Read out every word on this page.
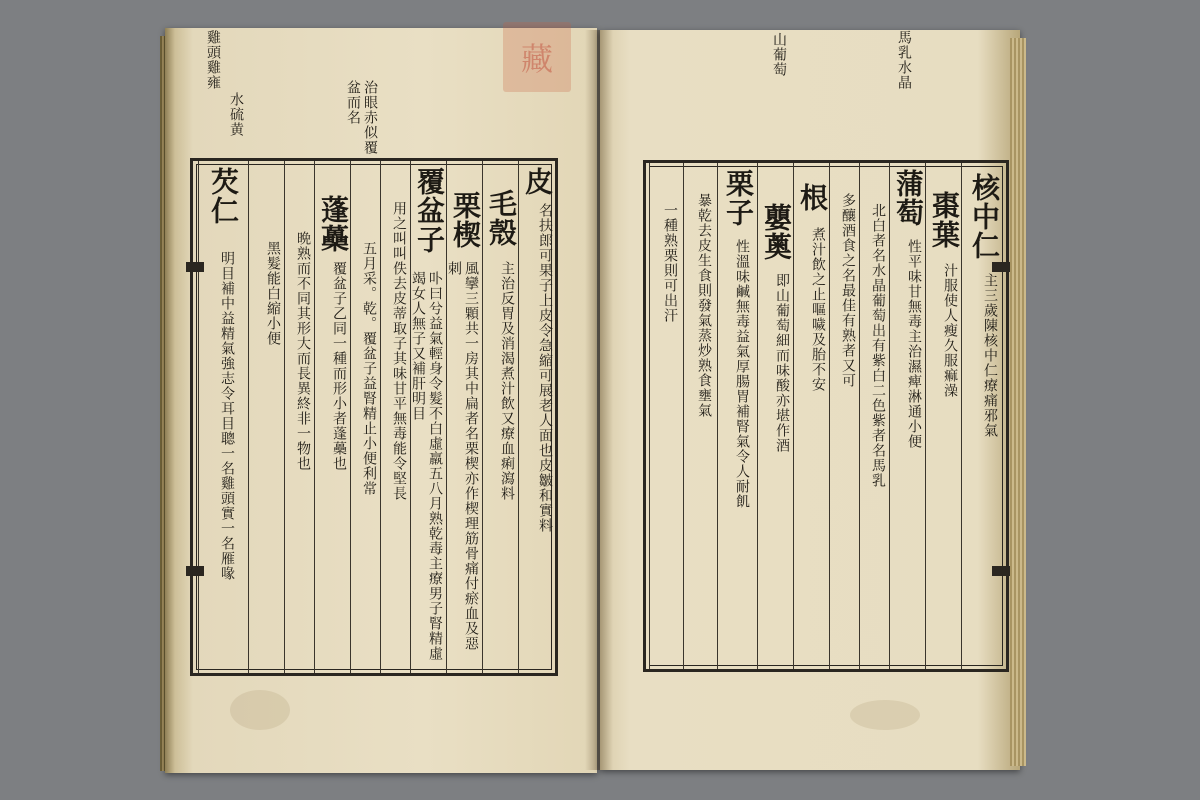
藏
雞頭雞雍
水硫黄	治眼赤似覆盆而名
皮
名扶郎可果子上皮令急縮可展老人面也皮皺和實料
毛殼
主治反胃及消渴煮汁飲又療血痢瀉料
栗楔
風攣三顆共一房其中扁者名栗楔亦作楔理筋骨痛付瘀血及惡刺
覆盆子
卟曰兮益氣輕身令髮不白虛羸五八月熟乾毒主療男子腎精虛竭女人無子又補肝明目
用之叫叫佚去皮蒂取子其味甘平無毒能令堅長
五月采。乾。覆盆子益腎精止小便利常
蓬蘽
覆盆子乙同一種而形小者蓬蘽也
晩熟而不同其形大而長異終非一物也
黑髮能白縮小便
芡仁
明目補中益精氣強志令耳目聰一名雞頭實一名雁喙
山葡萄	馬乳水晶
核中仁
主三歲陳核中仁療痛邪氣
棗葉
汁服使人瘦久服痲澡
蒲萄
性平味甘無毒主治濕痺淋通小便
北白者名水晶葡萄出有紫白二色紫者名馬乳
多釀酒食之名最佳有熟者又可
根
煮汁飲之止嘔噦及胎不安
蘡薁
即山葡萄細而味酸亦堪作酒
栗子
性溫味鹹無毒益氣厚腸胃補腎氣令人耐飢
暴乾去皮生食則發氣蒸炒熟食壅氣
一種熟栗則可出汗
